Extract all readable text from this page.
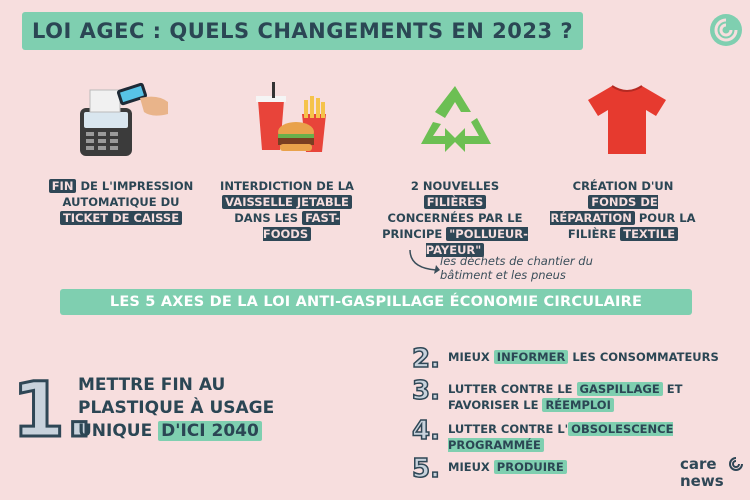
LOI AGEC : QUELS CHANGEMENTS EN 2023 ?
FIN DE L'IMPRESSION AUTOMATIQUE DU TICKET DE CAISSE
INTERDICTION DE LA VAISSELLE JETABLE DANS LES FAST-FOODS
2 NOUVELLES FILIÈRES CONCERNÉES PAR LE PRINCIPE "POLLUEUR-PAYEUR"
CRÉATION D'UN FONDS DE RÉPARATION POUR LA FILIÈRE TEXTILE
les déchets de chantier du bâtiment et les pneus
LES 5 AXES DE LA LOI ANTI-GASPILLAGE ÉCONOMIE CIRCULAIRE
1.
METTRE FIN AU PLASTIQUE À USAGE UNIQUE D'ICI 2040
2. MIEUX INFORMER LES CONSOMMATEURS
3. LUTTER CONTRE LE GASPILLAGE ET FAVORISER LE RÉEMPLOI
4. LUTTER CONTRE L' OBSOLESCENCE PROGRAMMÉE
5. MIEUX PRODUIRE	care
news
